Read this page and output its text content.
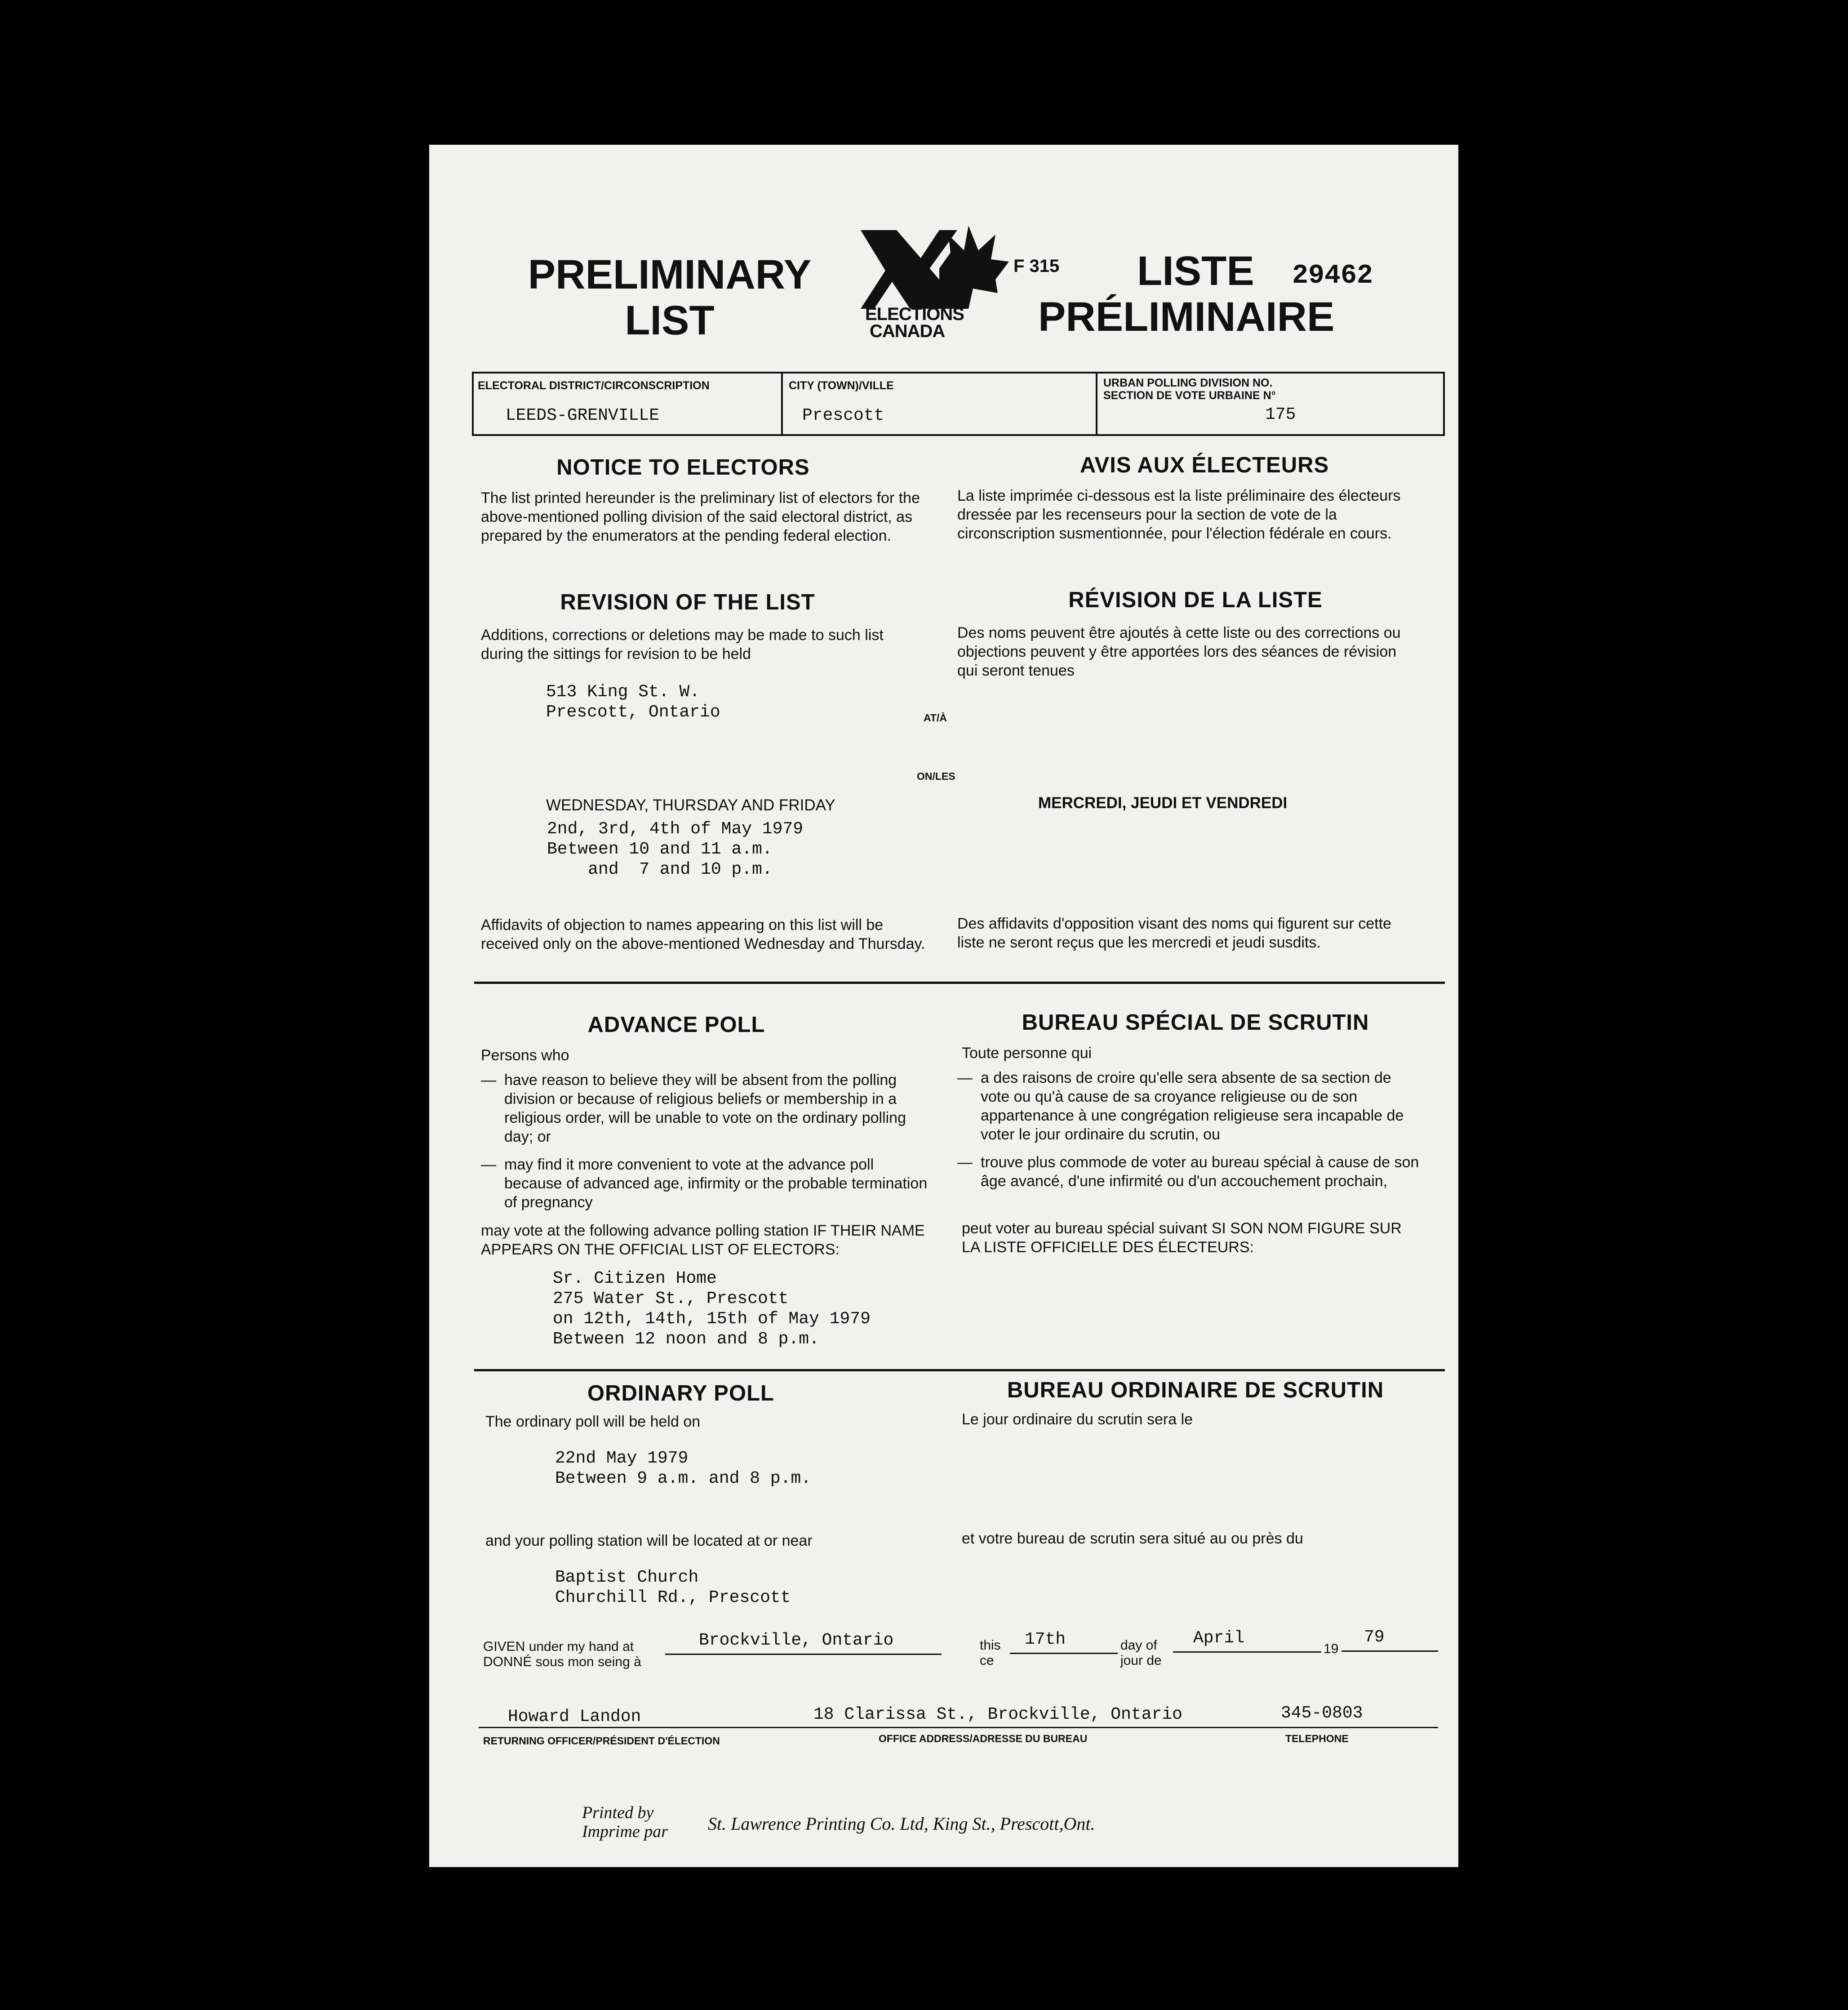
PRELIMINARY
LIST	ELECTIONS
CANADA
F 315 LISTE 29462
PRÉLIMINAIRE
ELECTORAL DISTRICT/CIRCONSCRIPTION
LEEDS-GRENVILLE
CITY (TOWN)/VILLE
Prescott
URBAN POLLING DIVISION NO.
SECTION DE VOTE URBAINE N°
175
NOTICE TO ELECTORS	AVIS AUX ÉLECTEURS
The list printed hereunder is the preliminary list of electors for the above-mentioned polling division of the said electoral district, as prepared by the enumerators at the pending federal election.
La liste imprimée ci-dessous est la liste préliminaire des électeurs dressée par les recenseurs pour la section de vote de la circonscription susmentionnée, pour l'élection fédérale en cours.
REVISION OF THE LIST	RÉVISION DE LA LISTE
Additions, corrections or deletions may be made to such list during the sittings for revision to be held
Des noms peuvent être ajoutés à cette liste ou des corrections ou objections peuvent y être apportées lors des séances de révision qui seront tenues
513 King St. W.
Prescott, Ontario	AT/À
ON/LES
WEDNESDAY, THURSDAY AND FRIDAY	MERCREDI, JEUDI ET VENDREDI
2nd, 3rd, 4th of May 1979
Between 10 and 11 a.m.
and  7 and 10 p.m.
Affidavits of objection to names appearing on this list will be received only on the above-mentioned Wednesday and Thursday.
Des affidavits d'opposition visant des noms qui figurent sur cette liste ne seront reçus que les mercredi et jeudi susdits.
ADVANCE POLL	BUREAU SPÉCIAL DE SCRUTIN
Persons who	Toute personne qui
— have reason to believe they will be absent from the polling division or because of religious beliefs or membership in a religious order, will be unable to vote on the ordinary polling day; or
— may find it more convenient to vote at the advance poll because of advanced age, infirmity or the probable termination of pregnancy
— a des raisons de croire qu'elle sera absente de sa section de vote ou qu'à cause de sa croyance religieuse ou de son appartenance à une congrégation religieuse sera incapable de voter le jour ordinaire du scrutin, ou
— trouve plus commode de voter au bureau spécial à cause de son âge avancé, d'une infirmité ou d'un accouchement prochain,
may vote at the following advance polling station IF THEIR NAME APPEARS ON THE OFFICIAL LIST OF ELECTORS:
peut voter au bureau spécial suivant SI SON NOM FIGURE SUR LA LISTE OFFICIELLE DES ÉLECTEURS:
Sr. Citizen Home
275 Water St., Prescott
on 12th, 14th, 15th of May 1979
Between 12 noon and 8 p.m.
ORDINARY POLL	BUREAU ORDINAIRE DE SCRUTIN
The ordinary poll will be held on	Le jour ordinaire du scrutin sera le
22nd May 1979
Between 9 a.m. and 8 p.m.
and your polling station will be located at or near	et votre bureau de scrutin sera situé au ou près du
Baptist Church
Churchill Rd., Prescott
GIVEN under my hand at
DONNÉ sous mon seing à
Brockville, Ontario	this
ce
17th	day of
jour de
April
19
79
Howard Landon	18 Clarissa St., Brockville, Ontario	345-0803
RETURNING OFFICER/PRÉSIDENT D'ÉLECTION	OFFICE ADDRESS/ADRESSE DU BUREAU	TELEPHONE
Printed by
Imprime par St. Lawrence Printing Co. Ltd, King St., Prescott,Ont.
